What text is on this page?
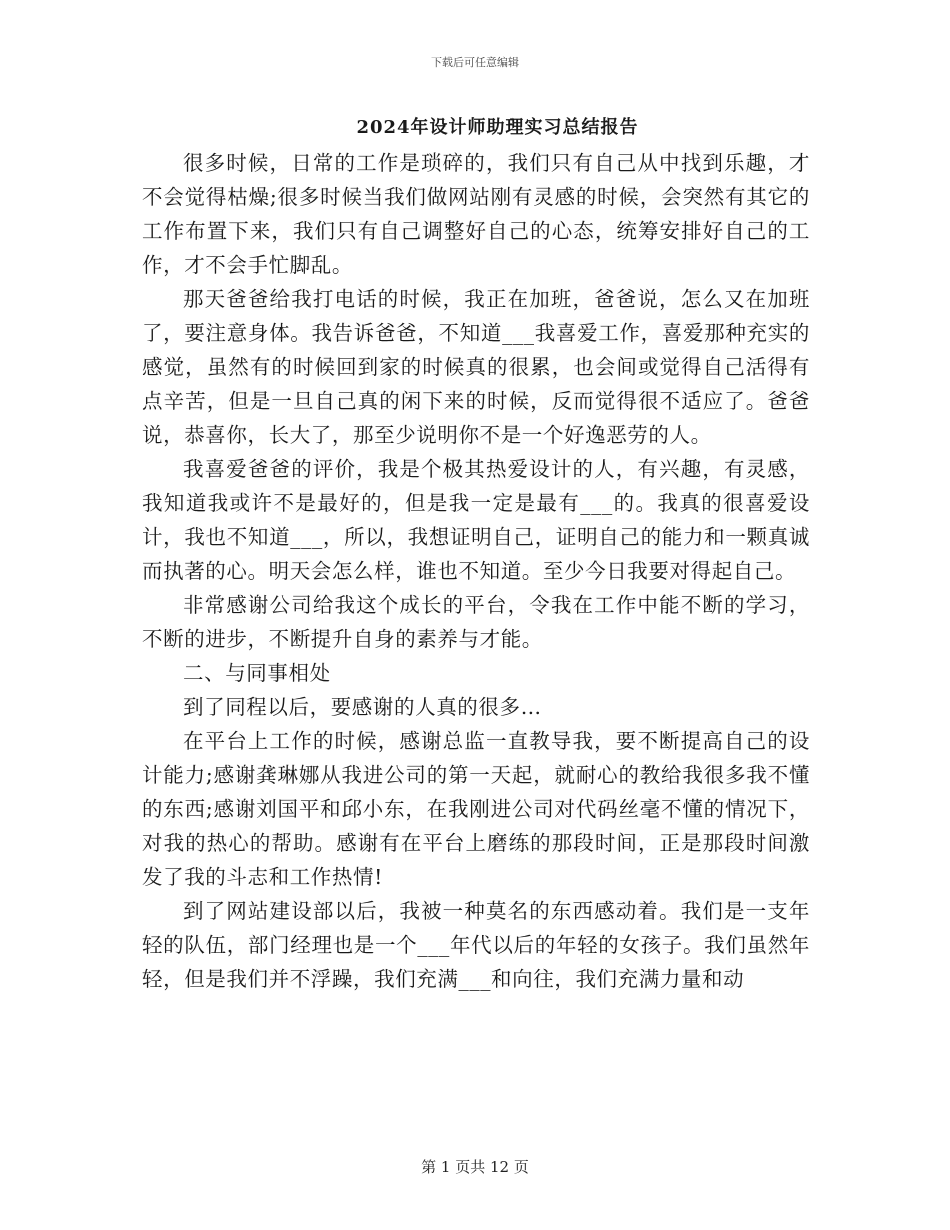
下载后可任意编辑
2024年设计师助理实习总结报告

很多时候，日常的工作是琐碎的，我们只有自己从中找到乐趣，才不会觉得枯燥;很多时候当我们做网站刚有灵感的时候，会突然有其它的工作布置下来，我们只有自己调整好自己的心态，统筹安排好自己的工作，才不会手忙脚乱。

那天爸爸给我打电话的时候，我正在加班，爸爸说，怎么又在加班了，要注意身体。我告诉爸爸，不知道___我喜爱工作，喜爱那种充实的感觉，虽然有的时候回到家的时候真的很累，也会间或觉得自己活得有点辛苦，但是一旦自己真的闲下来的时候，反而觉得很不适应了。爸爸说，恭喜你，长大了，那至少说明你不是一个好逸恶劳的人。

我喜爱爸爸的评价，我是个极其热爱设计的人，有兴趣，有灵感，我知道我或许不是最好的，但是我一定是最有___的。我真的很喜爱设计，我也不知道___，所以，我想证明自己，证明自己的能力和一颗真诚而执著的心。明天会怎么样，谁也不知道。至少今日我要对得起自己。

非常感谢公司给我这个成长的平台，令我在工作中能不断的学习，不断的进步，不断提升自身的素养与才能。

二、与同事相处

到了同程以后，要感谢的人真的很多…

在平台上工作的时候，感谢总监一直教导我，要不断提高自己的设计能力;感谢龚琳娜从我进公司的第一天起，就耐心的教给我很多我不懂的东西;感谢刘国平和邱小东，在我刚进公司对代码丝毫不懂的情况下，对我的热心的帮助。感谢有在平台上磨练的那段时间，正是那段时间激发了我的斗志和工作热情!

到了网站建设部以后，我被一种莫名的东西感动着。我们是一支年轻的队伍，部门经理也是一个___年代以后的年轻的女孩子。我们虽然年轻，但是我们并不浮躁，我们充满___和向往，我们充满力量和动

第 1 页共 12 页
